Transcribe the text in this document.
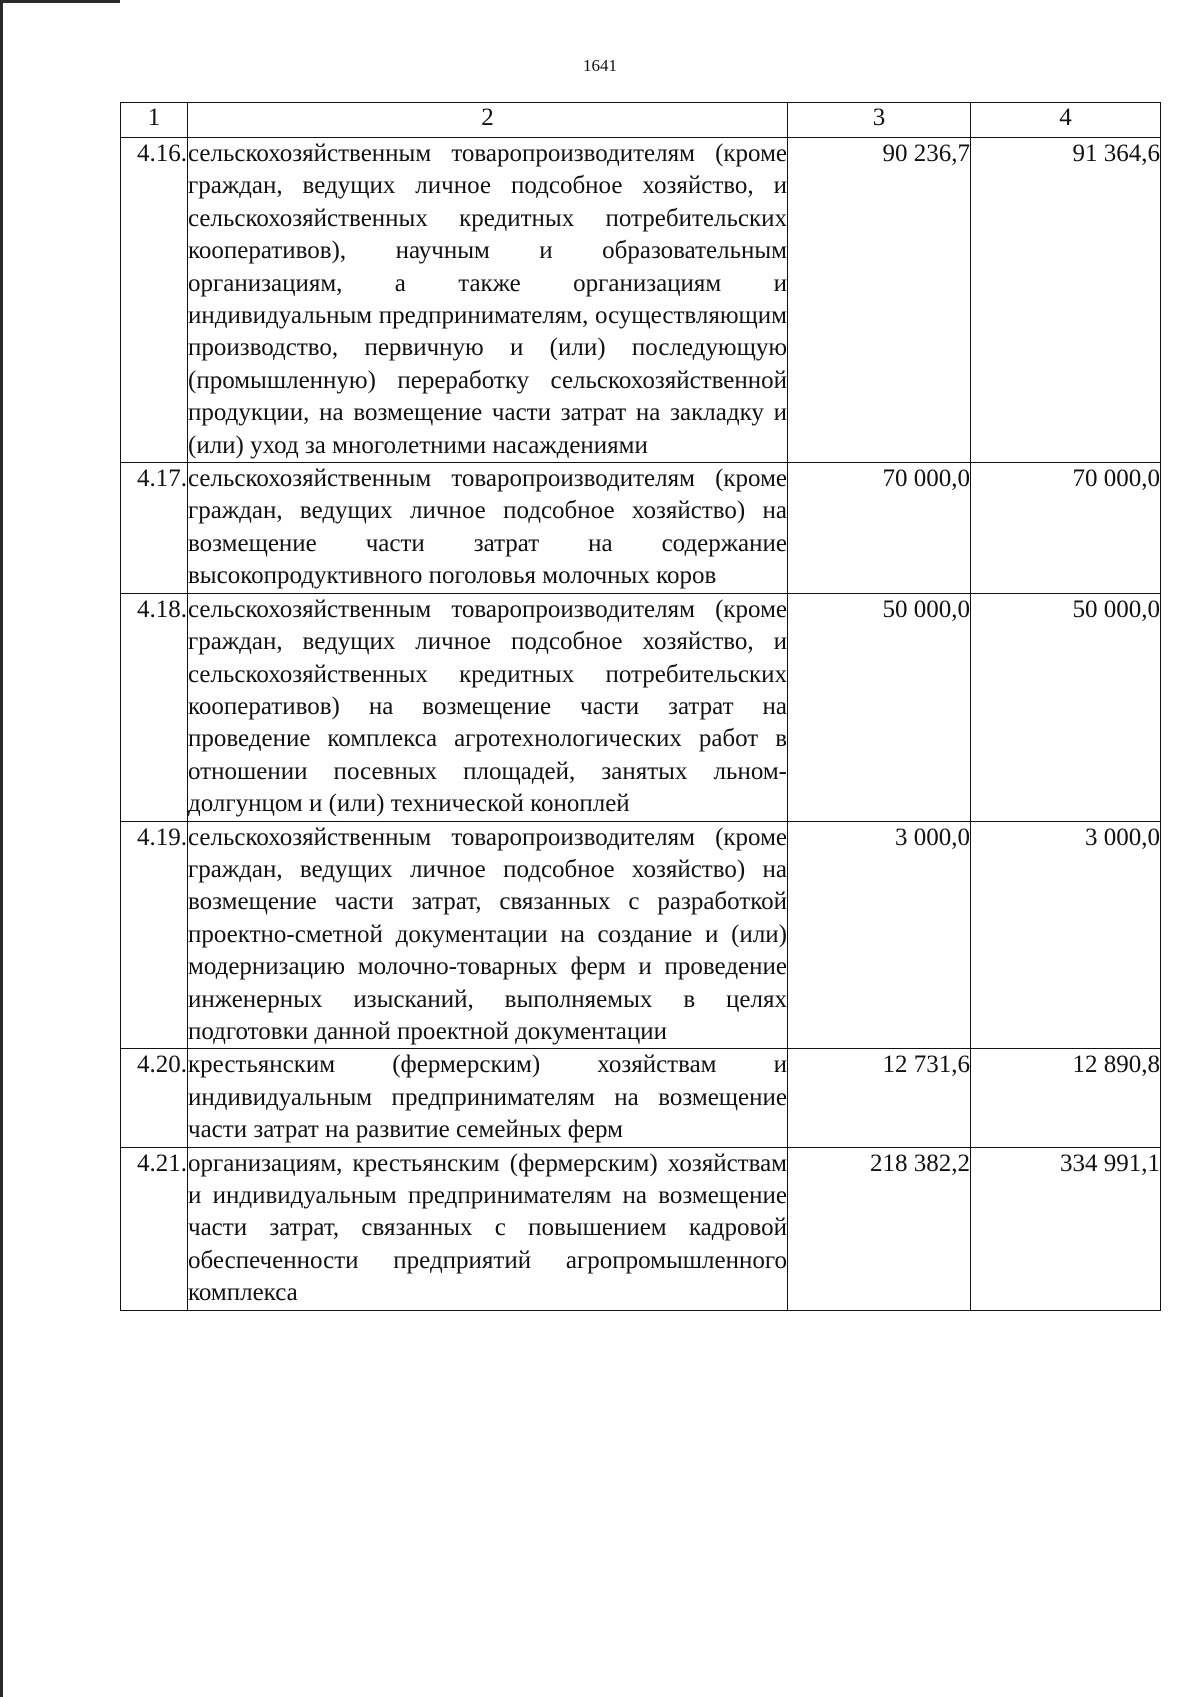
1641
1	2	3	4
4.16.	сельскохозяйственным товаропроизводителям (кроме граждан, ведущих личное подсобное хозяйство, и сельскохозяйственных кредитных потребительских кооперативов), научным и образовательным организациям, а также организациям и индивидуальным предпринимателям, осуществляющим производство, первичную и (или) последующую (промышленную) переработку сельскохозяйственной продукции, на возмещение части затрат на закладку и (или) уход за многолетними насаждениями	90 236,7	91 364,6
4.17.	сельскохозяйственным товаропроизводителям (кроме граждан, ведущих личное подсобное хозяйство) на возмещение части затрат на содержание высокопродуктивного поголовья молочных коров	70 000,0	70 000,0
4.18.	сельскохозяйственным товаропроизводителям (кроме граждан, ведущих личное подсобное хозяйство, и сельскохозяйственных кредитных потребительских кооперативов) на возмещение части затрат на проведение комплекса агротехнологических работ в отношении посевных площадей, занятых льном-долгунцом и (или) технической коноплей	50 000,0	50 000,0
4.19.	сельскохозяйственным товаропроизводителям (кроме граждан, ведущих личное подсобное хозяйство) на возмещение части затрат, связанных с разработкой проектно-сметной документации на создание и (или) модернизацию молочно-товарных ферм и проведение инженерных изысканий, выполняемых в целях подготовки данной проектной документации	3 000,0	3 000,0
4.20.	крестьянским (фермерским) хозяйствам и индивидуальным предпринимателям на возмещение части затрат на развитие семейных ферм	12 731,6	12 890,8
4.21.	организациям, крестьянским (фермерским) хозяйствам и индивидуальным предпринимателям на возмещение части затрат, связанных с повышением кадровой обеспеченности предприятий агропромышленного комплекса	218 382,2	334 991,1
